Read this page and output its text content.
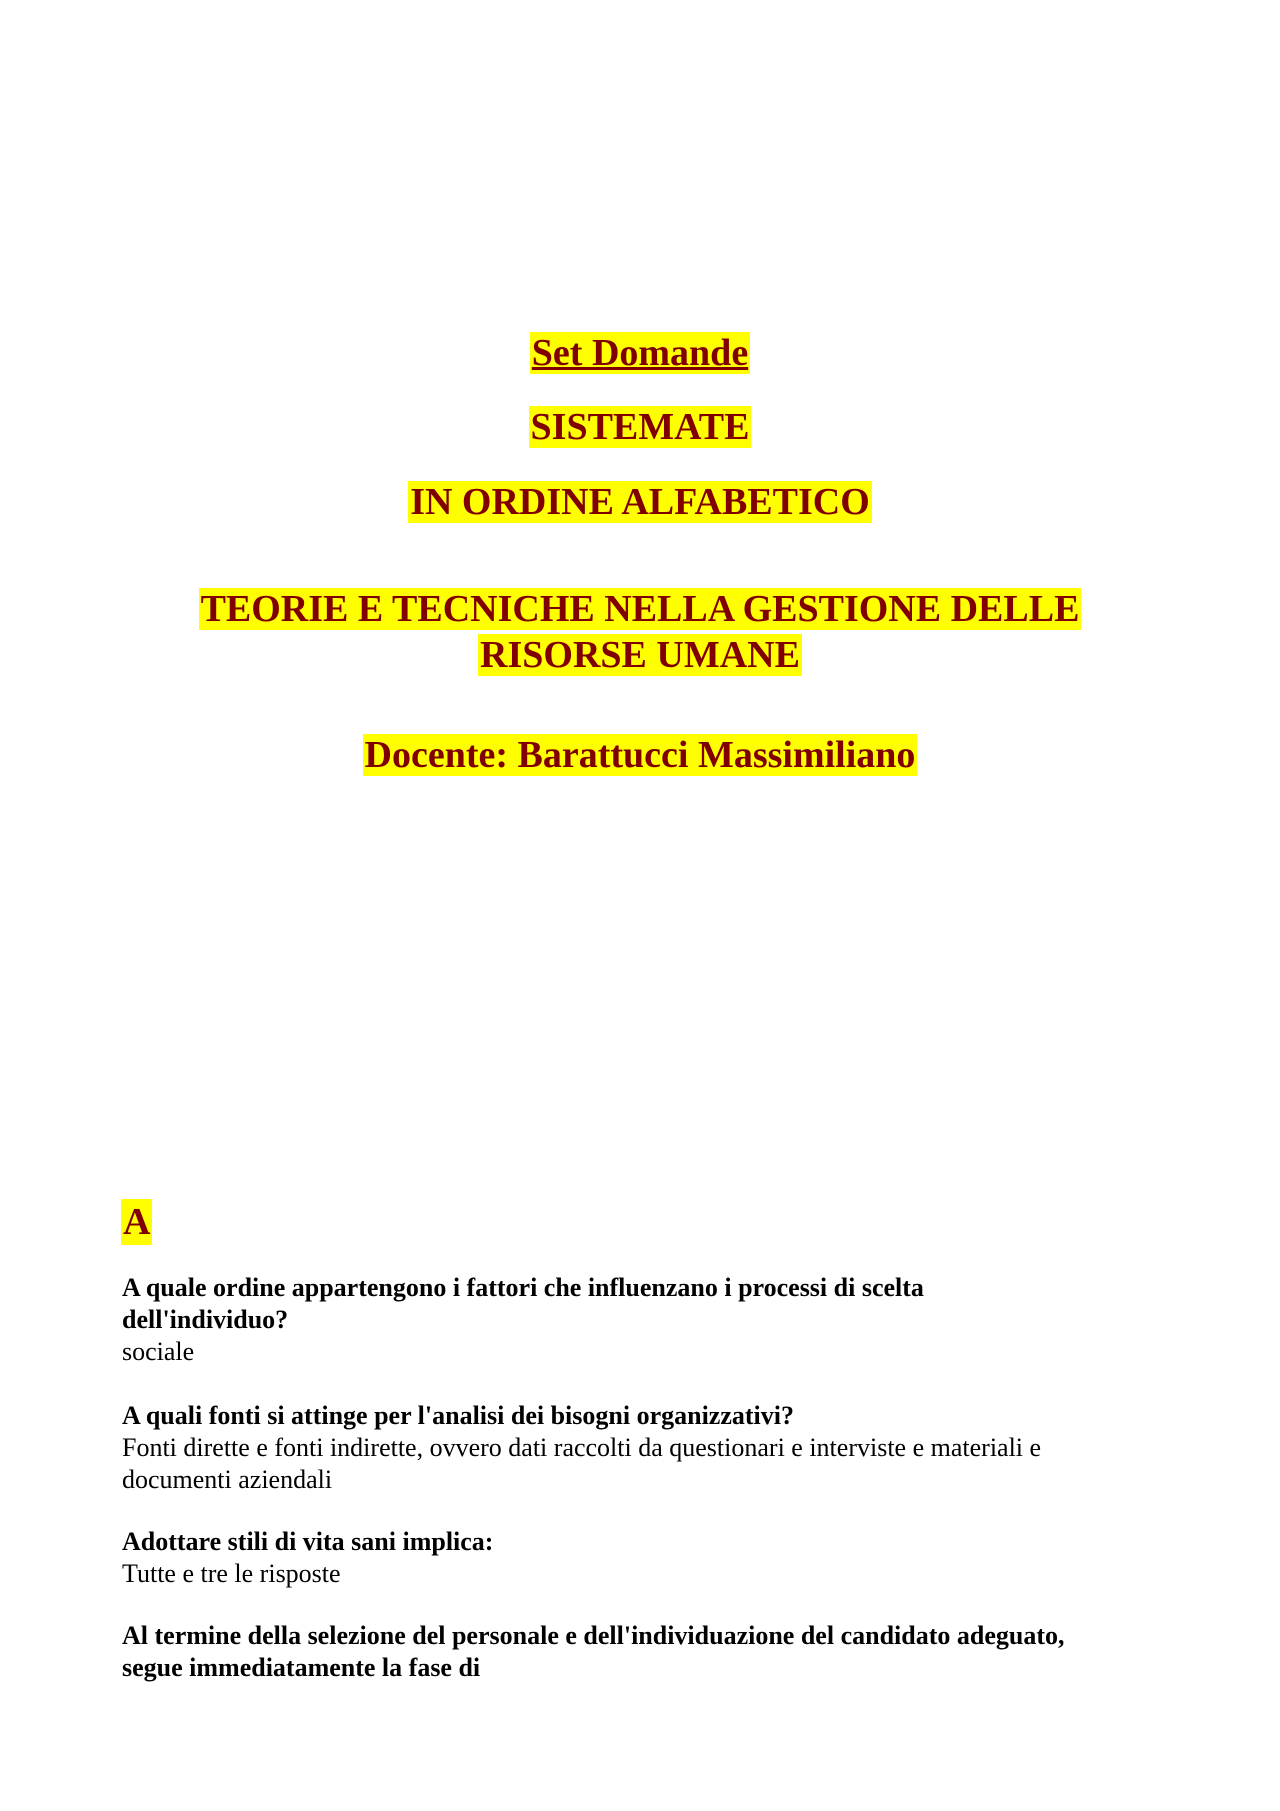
Set Domande
SISTEMATE
IN ORDINE ALFABETICO
TEORIE E TECNICHE NELLA GESTIONE DELLE
RISORSE UMANE
Docente: Barattucci Massimiliano
A
A quale ordine appartengono i fattori che influenzano i processi di scelta
dell'individuo?
sociale
A quali fonti si attinge per l'analisi dei bisogni organizzativi?
Fonti dirette e fonti indirette, ovvero dati raccolti da questionari e interviste e materiali e
documenti aziendali
Adottare stili di vita sani implica:
Tutte e tre le risposte
Al termine della selezione del personale e dell'individuazione del candidato adeguato,
segue immediatamente la fase di
